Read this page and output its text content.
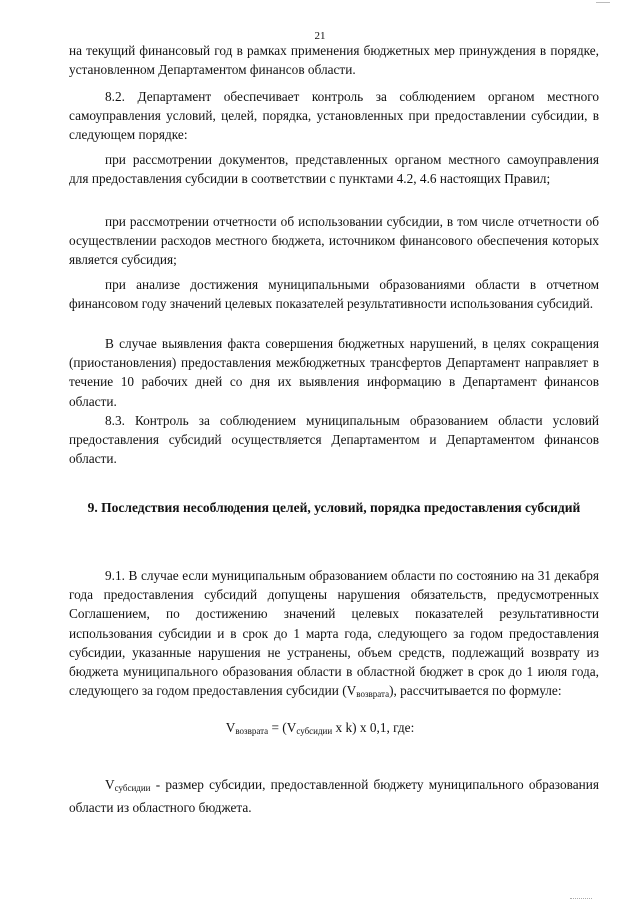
21

на текущий финансовый год в рамках применения бюджетных мер принуждения в порядке, установленном Департаментом финансов области.

8.2. Департамент обеспечивает контроль за соблюдением органом местного самоуправления условий, целей, порядка, установленных при предоставлении субсидии, в следующем порядке:

при рассмотрении документов, представленных органом местного самоуправления для предоставления субсидии в соответствии с пунктами 4.2, 4.6 настоящих Правил;

при рассмотрении отчетности об использовании субсидии, в том числе отчетности об осуществлении расходов местного бюджета, источником финансового обеспечения которых является субсидия;

при анализе достижения муниципальными образованиями области в отчетном финансовом году значений целевых показателей результативности использования субсидий.

В случае выявления факта совершения бюджетных нарушений, в целях сокращения (приостановления) предоставления межбюджетных трансфертов Департамент направляет в течение 10 рабочих дней со дня их выявления информацию в Департамент финансов области.

8.3. Контроль за соблюдением муниципальным образованием области условий предоставления субсидий осуществляется Департаментом и Департаментом финансов области.

9. Последствия несоблюдения целей, условий, порядка предоставления субсидий

9.1. В случае если муниципальным образованием области по состоянию на 31 декабря года предоставления субсидий допущены нарушения обязательств, предусмотренных Соглашением, по достижению значений целевых показателей результативности использования субсидии и в срок до 1 марта года, следующего за годом предоставления субсидии, указанные нарушения не устранены, объем средств, подлежащий возврату из бюджета муниципального образования области в областной бюджет в срок до 1 июля года, следующего за годом предоставления субсидии $(V_{возврата})$, рассчитывается по формуле:

$V_{возврата} = (V_{субсидии}$ x k) x 0,1, где:

$V_{субсидии}$ - размер субсидии, предоставленной бюджету муниципального образования области из областного бюджета.
